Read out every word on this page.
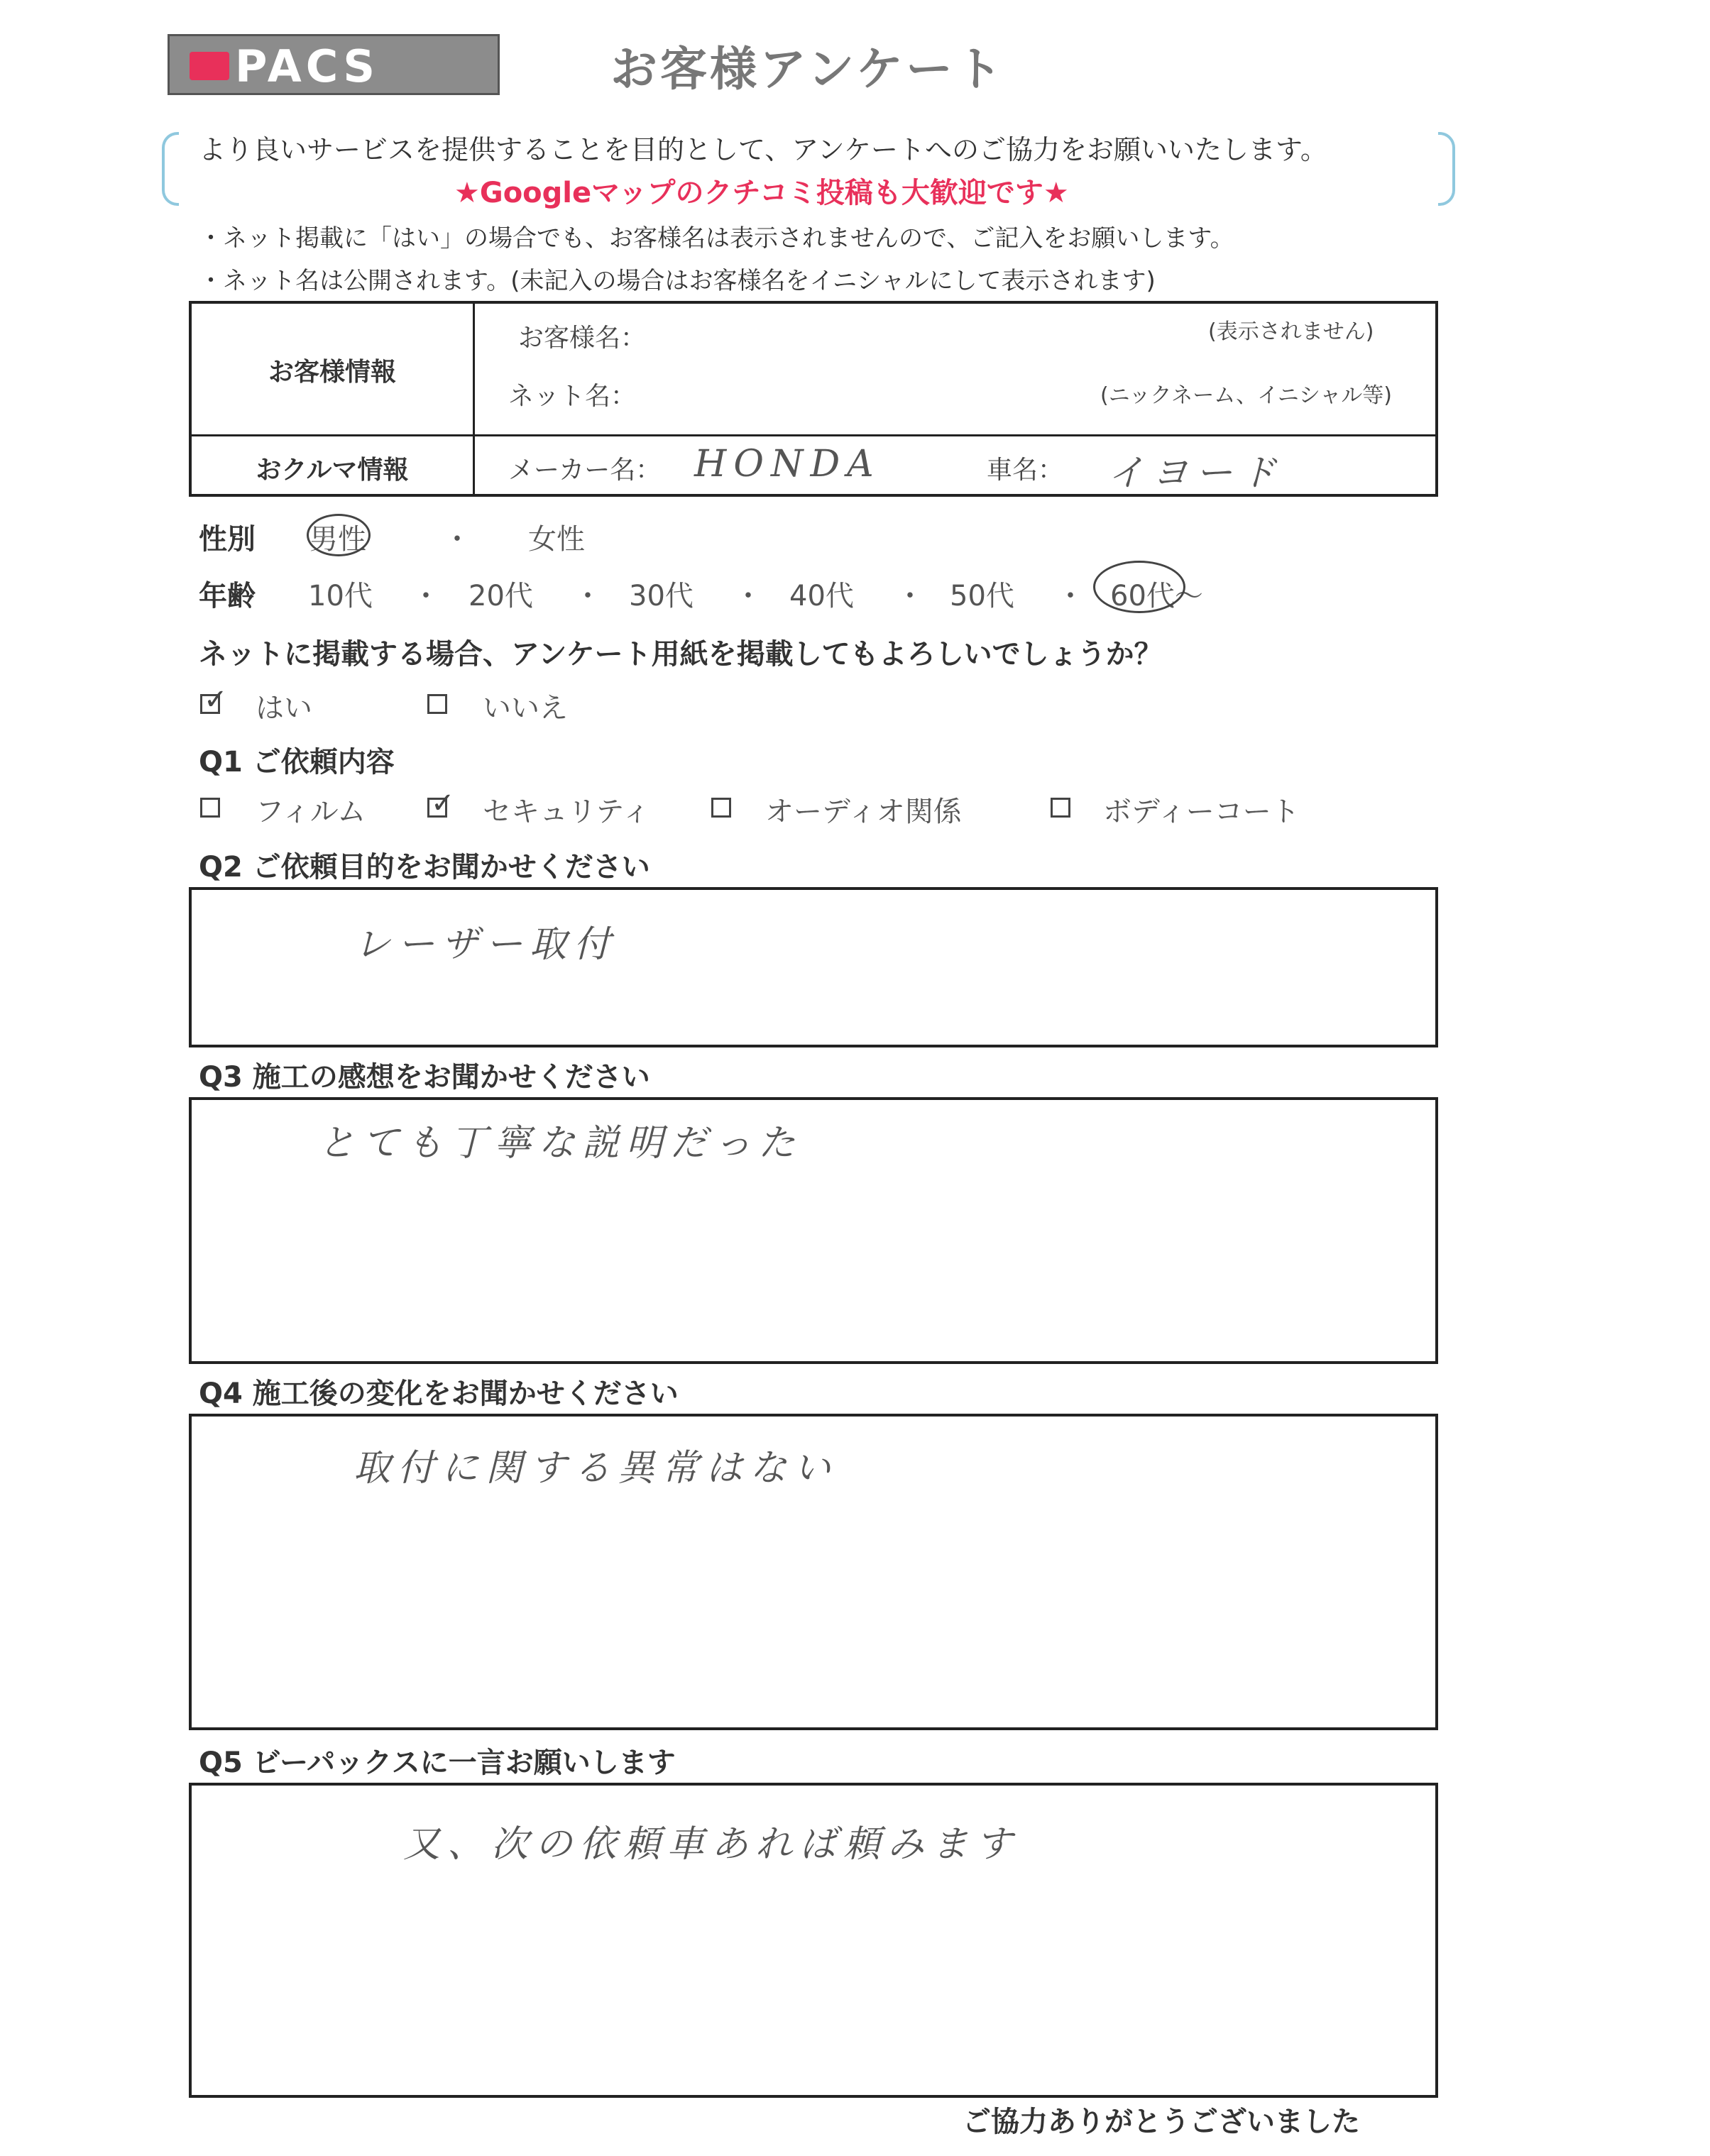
PACS	お客様アンケート
より良いサービスを提供することを目的として、アンケートへのご協力をお願いいたします。
★Googleマップのクチコミ投稿も大歓迎です★
・ネット掲載に「はい」の場合でも、お客様名は表示されませんので、ご記入をお願いします。
・ネット名は公開されます。(未記入の場合はお客様名をイニシャルにして表示されます)
お客様情報
お客様名：	(表示されません)
ネット名：	(ニックネーム、イニシャル等)
おクルマ情報	メーカー名： HONDA	車名： イヨード
性別 男性	・ 女性
年齢 10代 ・ 20代 ・ 30代 ・ 40代 ・ 50代 ・ 60代～
ネットに掲載する場合、アンケート用紙を掲載してもよろしいでしょうか？
✓ はい	いいえ
Q1 ご依頼内容
フィルム ✓ セキュリティ	オーディオ関係	ボディーコート
Q2 ご依頼目的をお聞かせください
レーザー取付
Q3 施工の感想をお聞かせください
とても丁寧な説明だった
Q4 施工後の変化をお聞かせください
取付に関する異常はない
Q5 ビーパックスに一言お願いします
又、次の依頼車あれば頼みます
ご協力ありがとうございました
